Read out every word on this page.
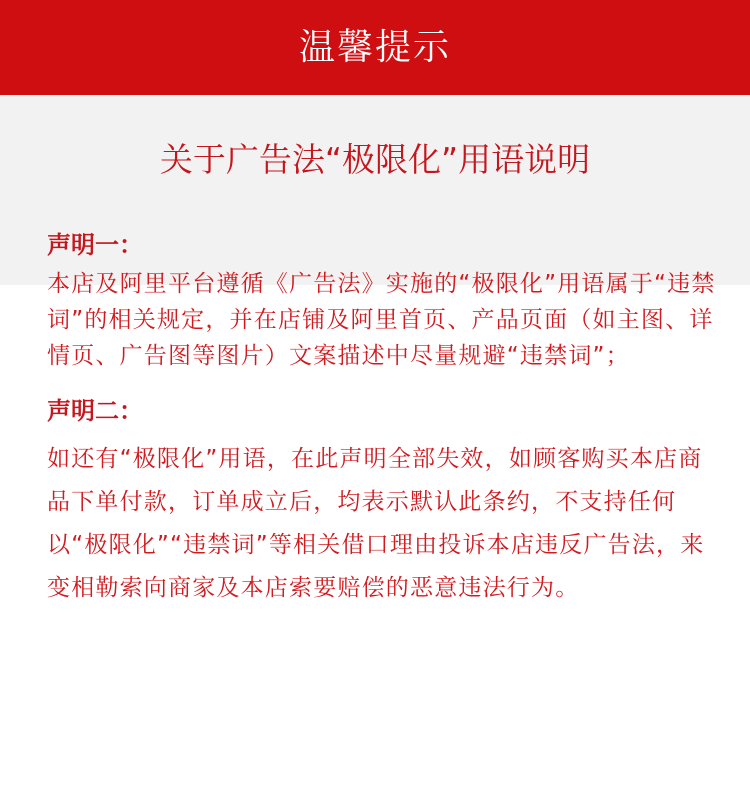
温馨提示
关于广告法“极限化”用语说明

声明一：

本店及阿里平台遵循《广告法》实施的“极限化”用语属于“违禁词”的相关规定，并在店铺及阿里首页、产品页面（如主图、详情页、广告图等图片）文案描述中尽量规避“违禁词”；

声明二：

如还有“极限化”用语，在此声明全部失效，如顾客购买本店商品下单付款，订单成立后，均表示默认此条约，不支持任何以“极限化”“违禁词”等相关借口理由投诉本店违反广告法，来变相勒索向商家及本店索要赔偿的恶意违法行为。
